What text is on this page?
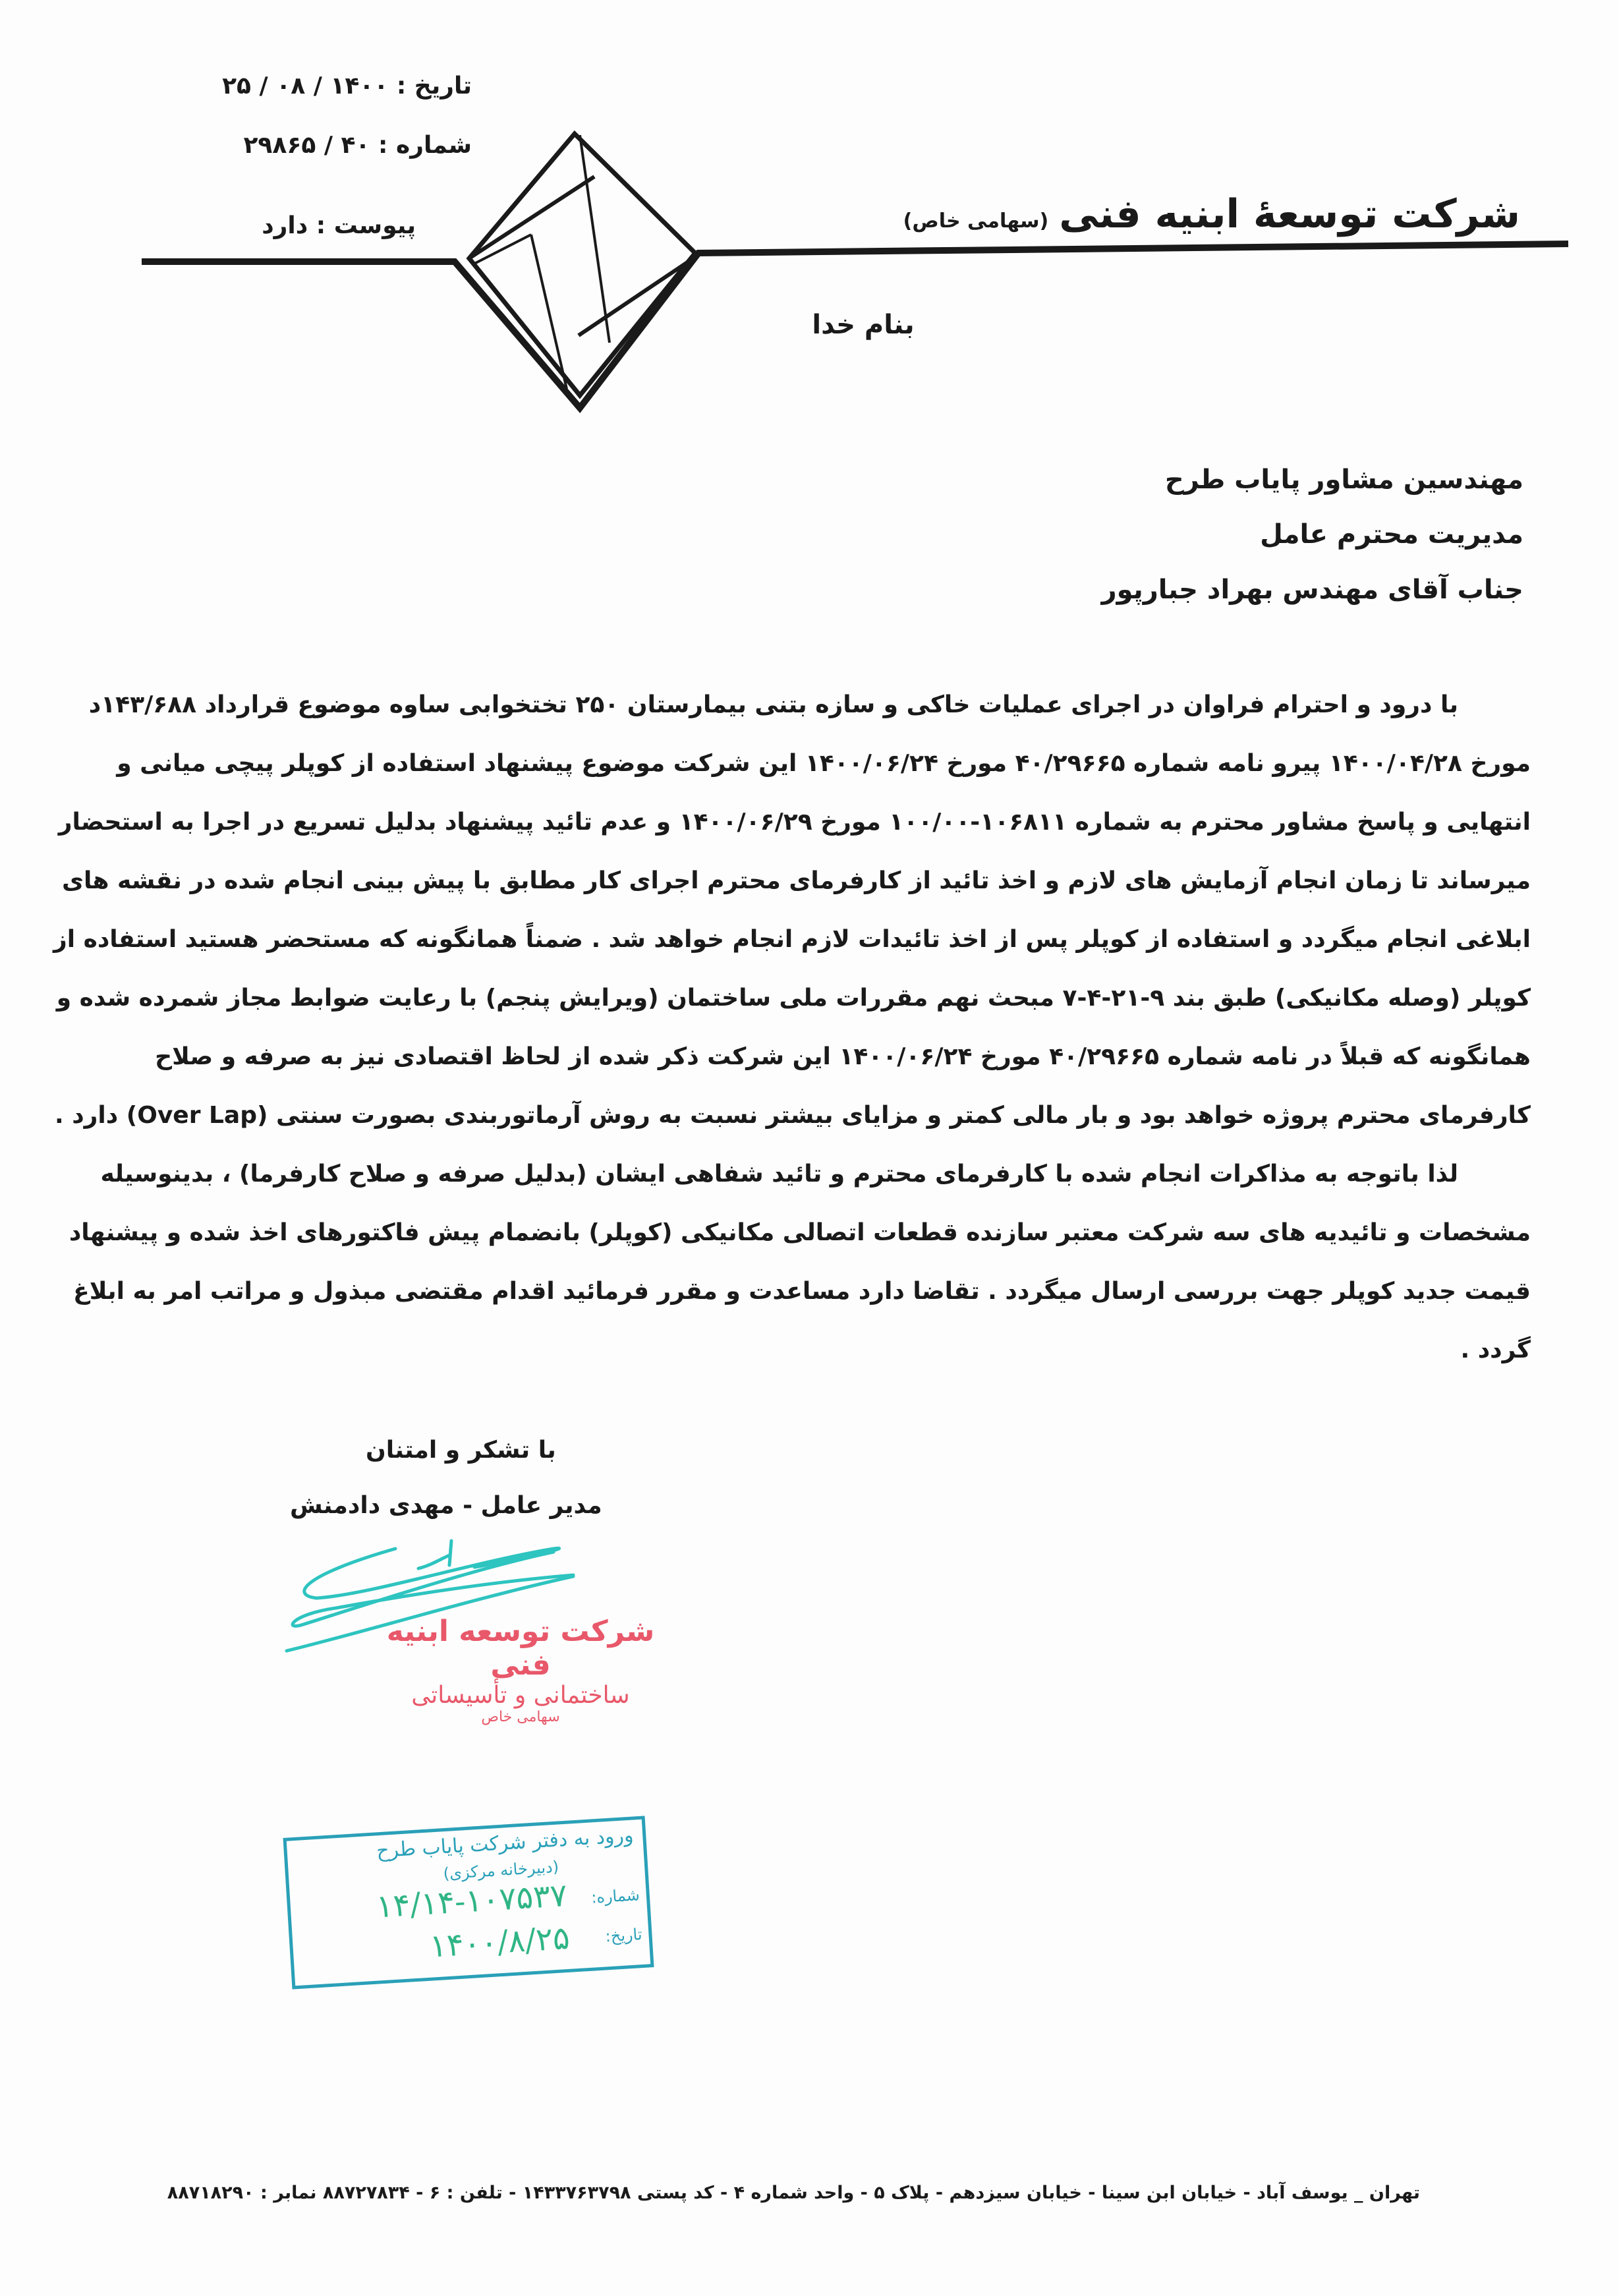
تاریخ : ۱۴۰۰ / ۰۸ / ۲۵
شماره : ۴۰ / ۲۹۸۶۵
پیوست : دارد	شرکت توسعهٔ ابنیه فنی(سهامی خاص)
بنام خدا
مهندسین مشاور پایاب طرح
مدیریت محترم عامل
جناب آقای مهندس بهراد جبارپور
با درود و احترام فراوان در اجرای عملیات خاکی و سازه بتنی بیمارستان ۲۵۰ تختخوابی ساوه موضوع قرارداد ۱۴۳/۶۸۸د
مورخ ۱۴۰۰/۰۴/۲۸ پیرو نامه شماره ۴۰/۲۹۶۶۵ مورخ ۱۴۰۰/۰۶/۲۴ این شرکت موضوع پیشنهاد استفاده از کوپلر پیچی میانی و
انتهایی و پاسخ مشاور محترم به شماره ۱۰۶۸۱۱-۱۰۰/۰۰ مورخ ۱۴۰۰/۰۶/۲۹ و عدم تائید پیشنهاد بدلیل تسریع در اجرا به استحضار
میرساند تا زمان انجام آزمایش های لازم و اخذ تائید از کارفرمای محترم اجرای کار مطابق با پیش بینی انجام شده در نقشه های
ابلاغی انجام میگردد و استفاده از کوپلر پس از اخذ تائیدات لازم انجام خواهد شد . ضمناً همانگونه که مستحضر هستید استفاده از
کوپلر (وصله مکانیکی) طبق بند ۹-۲۱-۴-۷ مبحث نهم مقررات ملی ساختمان (ویرایش پنجم) با رعایت ضوابط مجاز شمرده شده و
همانگونه که قبلاً در نامه شماره ۴۰/۲۹۶۶۵ مورخ ۱۴۰۰/۰۶/۲۴ این شرکت ذکر شده از لحاظ اقتصادی نیز به صرفه و صلاح
کارفرمای محترم پروژه خواهد بود و بار مالی کمتر و مزایای بیشتر نسبت به روش آرماتوربندی بصورت سنتی (Over Lap) دارد .
لذا باتوجه به مذاکرات انجام شده با کارفرمای محترم و تائید شفاهی ایشان (بدلیل صرفه و صلاح کارفرما) ، بدینوسیله
مشخصات و تائیدیه های سه شرکت معتبر سازنده قطعات اتصالی مکانیکی (کوپلر) بانضمام پیش فاکتورهای اخذ شده و پیشنهاد
قیمت جدید کوپلر جهت بررسی ارسال میگردد . تقاضا دارد مساعدت و مقرر فرمائید اقدام مقتضی مبذول و مراتب امر به ابلاغ
گردد .
با تشکر و امتنان
مدیر عامل - مهدی دادمنش
شرکت توسعه ابنیه فنی
ساختمانی و تأسیساتی
سهامی خاص
ورود به دفتر شرکت پایاب طرح
(دبیرخانه مرکزی)
شماره:
۱۴/۱۴-۱۰۷۵۳۷
تاریخ:
۱۴۰۰/۸/۲۵
تهران _ یوسف آباد - خیابان ابن سینا - خیابان سیزدهم - پلاک ۵ - واحد شماره ۴ - کد پستی ۱۴۳۳۷۶۳۷۹۸ - تلفن : ۶ - ۸۸۷۲۷۸۳۴ نمابر : ۸۸۷۱۸۲۹۰
